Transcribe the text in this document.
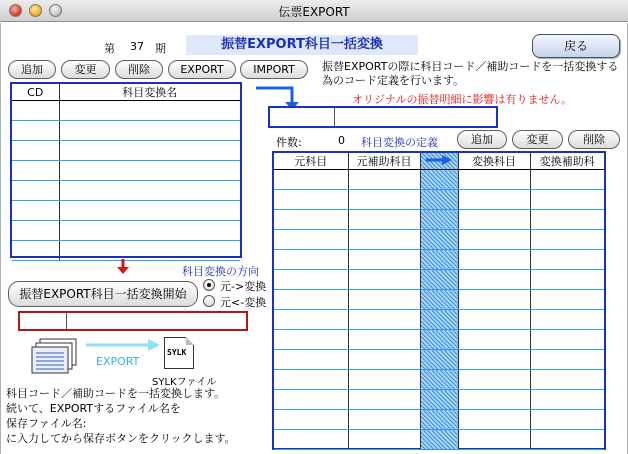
伝票EXPORT
第 37 期	振替EXPORT科目一括変換	戻る
追加	変更	削除	EXPORT	IMPORT	振替EXPORTの際に科目コード／補助コードを一括変換する為のコード定義を行います。
オリジナルの振替明細に影響は有りません。
CD	科目変換名

件数:	0 科目変換の定義	追加	変更	削除
元科目	元補助科目		変換科目	変換補助科

科目変換の方向
元->変換
元<-変換
振替EXPORT科目一括変換開始
EXPORT
SYLK
SYLKファイル
科目コード／補助コードを一括変換します。
続いて、EXPORTするファイル名を
保存ファイル名:
に入力してから保存ボタンをクリックします。
